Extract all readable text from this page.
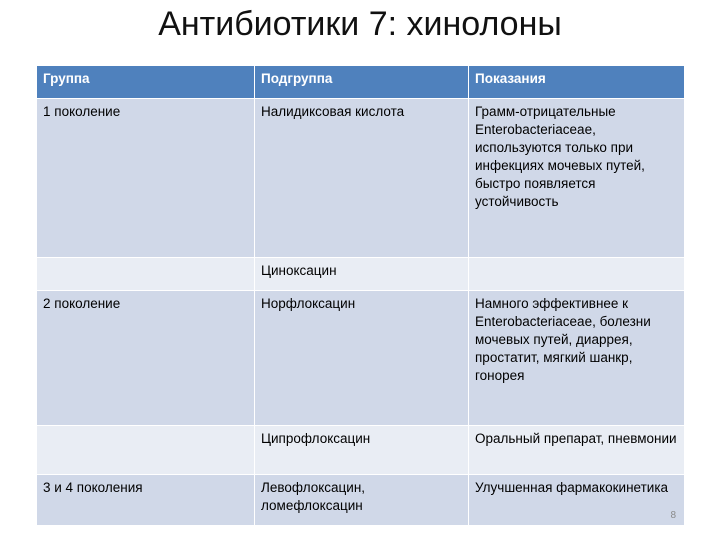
Антибиотики 7: хинолоны
Группа	Подгруппа	Показания
1 поколение	Налидиксовая кислота	Грамм-отрицательные Enterobacteriaceae, используются только при инфекциях мочевых путей, быстро появляется устойчивость
	Циноксацин	
2 поколение	Норфлоксацин	Намного эффективнее к Enterobacteriaceae, болезни мочевых путей, диаррея, простатит, мягкий шанкр, гонорея
	Ципрофлоксацин	Оральный препарат, пневмонии
3 и 4 поколения	Левофлоксацин, ломефлоксацин	Улучшенная фармакокинетика
8
